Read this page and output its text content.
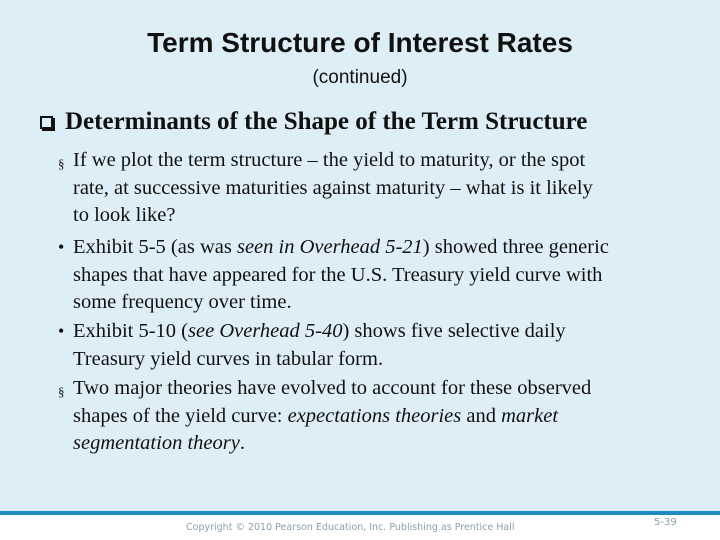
Term Structure of Interest Rates
(continued)
Determinants of the Shape of the Term Structure
§ If we plot the term structure – the yield to maturity, or the spot
rate, at successive maturities against maturity – what is it likely
to look like?
• Exhibit 5-5 (as was seen in Overhead 5-21) showed three generic
shapes that have appeared for the U.S. Treasury yield curve with
some frequency over time.
• Exhibit 5-10 (see Overhead 5-40) shows five selective daily
Treasury yield curves in tabular form.
§ Two major theories have evolved to account for these observed
shapes of the yield curve: expectations theories and market
segmentation theory.
Copyright © 2010 Pearson Education, Inc. Publishing as Prentice Hall	5-39
